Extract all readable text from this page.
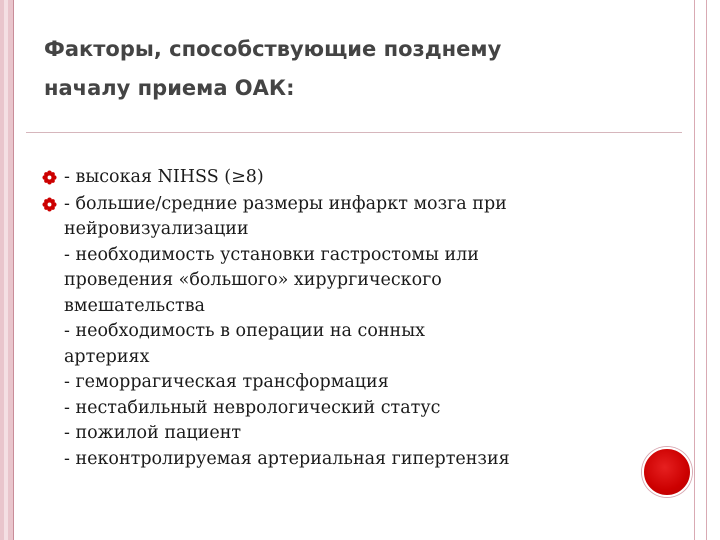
Факторы, способствующие позднему
началу приема ОАК:
- высокая NIHSS (≥8)
- большие/средние размеры инфаркт мозга при
нейровизуализации
- необходимость установки гастростомы или
проведения «большого» хирургического
вмешательства
- необходимость в операции на сонных
артериях
- геморрагическая трансформация
- нестабильный неврологический статус
- пожилой пациент
- неконтролируемая артериальная гипертензия
